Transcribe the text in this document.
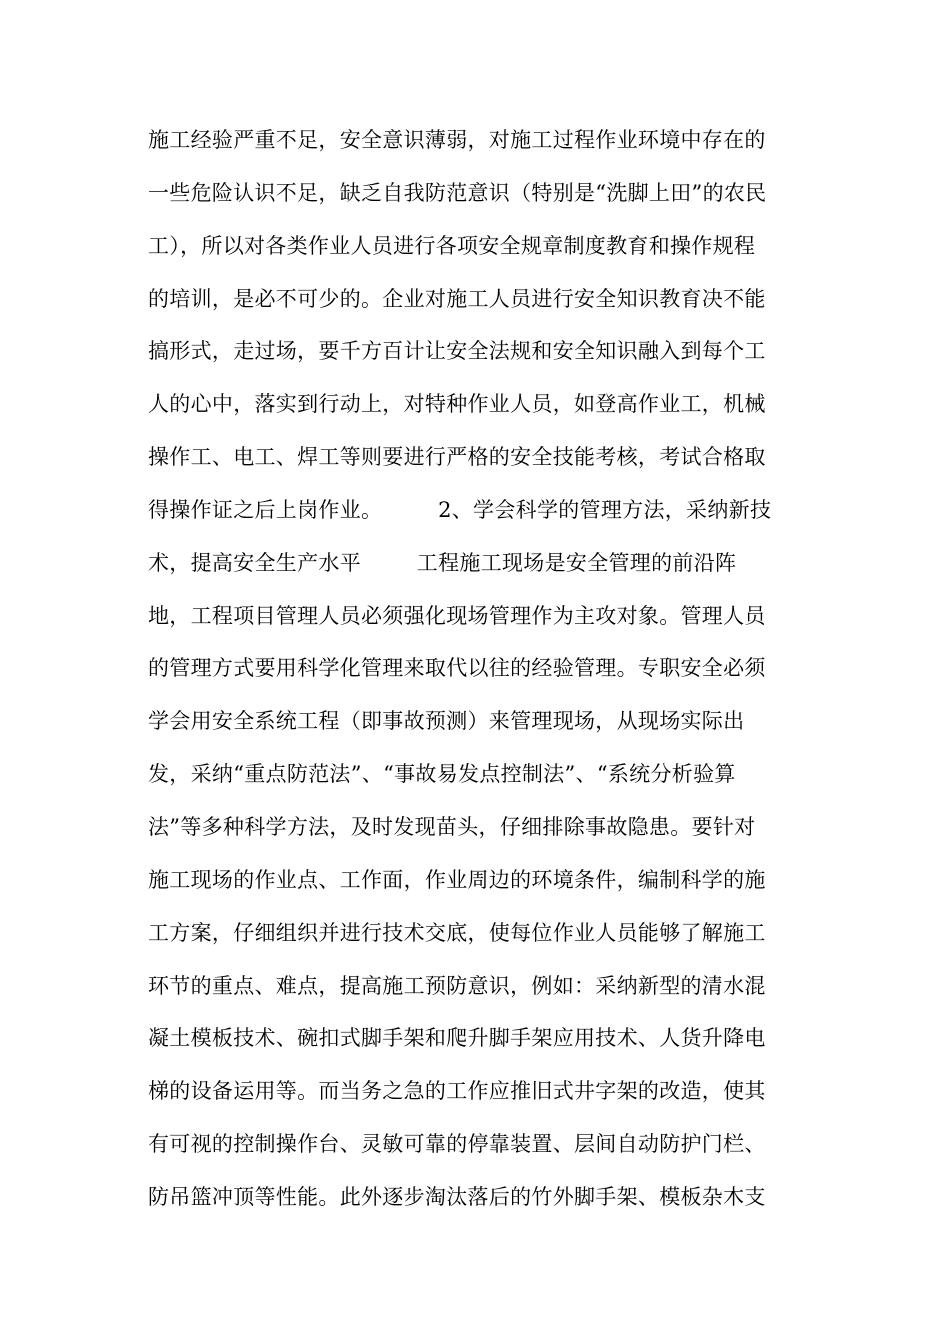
施工经验严重不足，安全意识薄弱，对施工过程作业环境中存在的
一些危险认识不足，缺乏自我防范意识（特别是“洗脚上田”的农民
工），所以对各类作业人员进行各项安全规章制度教育和操作规程
的培训，是必不可少的。企业对施工人员进行安全知识教育决不能
搞形式，走过场，要千方百计让安全法规和安全知识融入到每个工
人的心中，落实到行动上，对特种作业人员，如登高作业工，机械
操作工、电工、焊工等则要进行严格的安全技能考核，考试合格取
得操作证之后上岗作业。        2、学会科学的管理方法，采纳新技
术，提高安全生产水平        工程施工现场是安全管理的前沿阵
地，工程项目管理人员必须强化现场管理作为主攻对象。管理人员
的管理方式要用科学化管理来取代以往的经验管理。专职安全必须
学会用安全系统工程（即事故预测）来管理现场，从现场实际出
发，采纳“重点防范法”、“事故易发点控制法”、“系统分析验算
法”等多种科学方法，及时发现苗头，仔细排除事故隐患。要针对
施工现场的作业点、工作面，作业周边的环境条件，编制科学的施
工方案，仔细组织并进行技术交底，使每位作业人员能够了解施工
环节的重点、难点，提高施工预防意识，例如：采纳新型的清水混
凝土模板技术、碗扣式脚手架和爬升脚手架应用技术、人货升降电
梯的设备运用等。而当务之急的工作应推旧式井字架的改造，使其
有可视的控制操作台、灵敏可靠的停靠装置、层间自动防护门栏、
防吊篮冲顶等性能。此外逐步淘汰落后的竹外脚手架、模板杂木支
